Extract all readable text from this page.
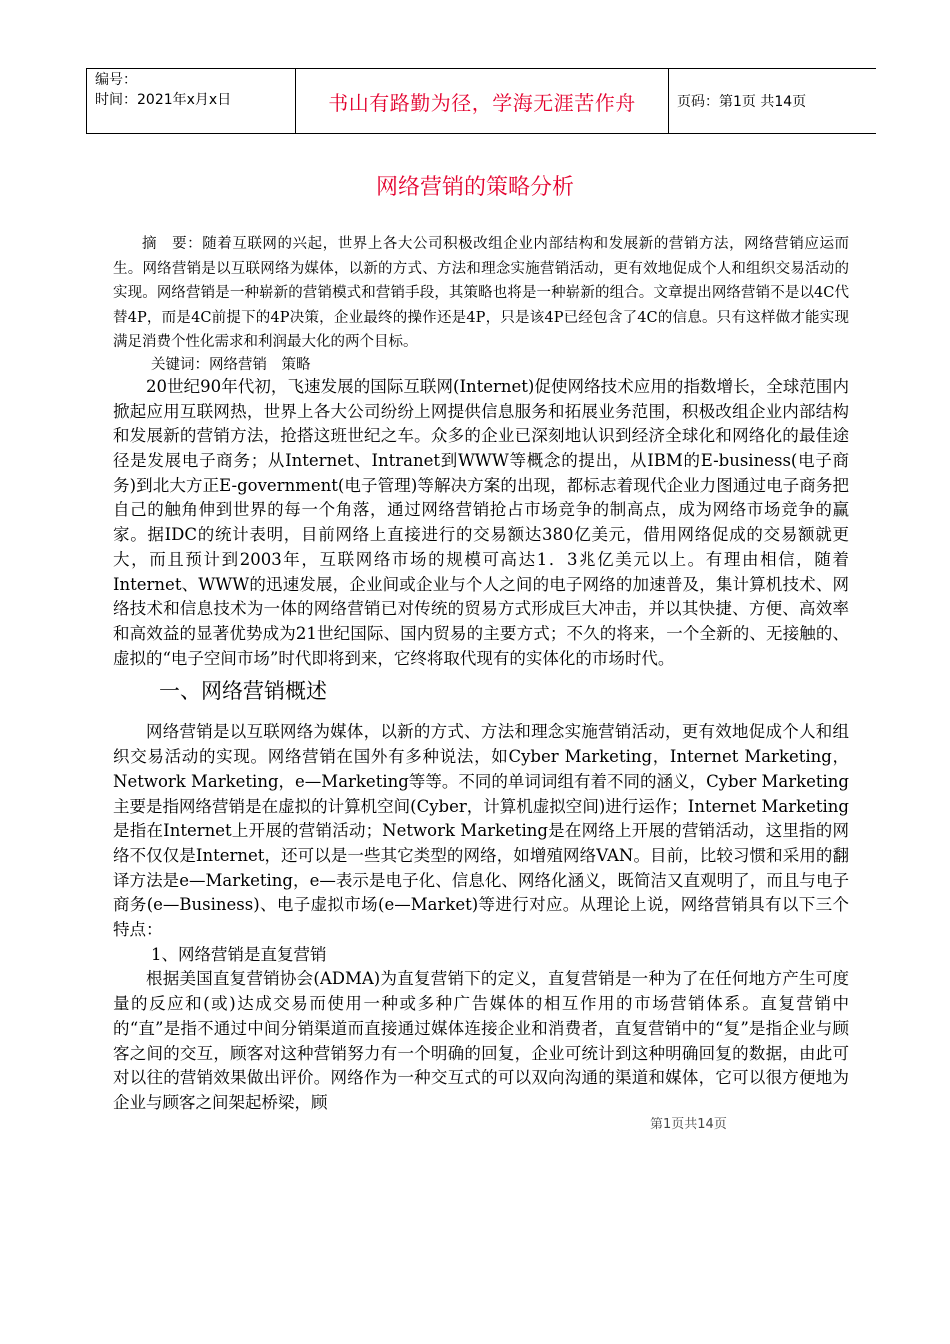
编号：
时间：2021年x月x日	书山有路勤为径，学海无涯苦作舟	页码：第1页 共14页
网络营销的策略分析

摘　要：随着互联网的兴起，世界上各大公司积极改组企业内部结构和发展新的营销方法，网络营销应运而生。网络营销是以互联网络为媒体，以新的方式、方法和理念实施营销活动，更有效地促成个人和组织交易活动的实现。网络营销是一种崭新的营销模式和营销手段，其策略也将是一种崭新的组合。文章提出网络营销不是以4C代替4P，而是4C前提下的4P决策，企业最终的操作还是4P，只是该4P已经包含了4C的信息。只有这样做才能实现满足消费个性化需求和利润最大化的两个目标。

关键词：网络营销　策略

20世纪90年代初，飞速发展的国际互联网(Internet)促使网络技术应用的指数增长，全球范围内掀起应用互联网热，世界上各大公司纷纷上网提供信息服务和拓展业务范围，积极改组企业内部结构和发展新的营销方法，抢搭这班世纪之车。众多的企业已深刻地认识到经济全球化和网络化的最佳途径是发展电子商务；从Internet、Intranet到WWW等概念的提出，从IBM的E-business(电子商务)到北大方正E-government(电子管理)等解决方案的出现，都标志着现代企业力图通过电子商务把自己的触角伸到世界的每一个角落，通过网络营销抢占市场竞争的制高点，成为网络市场竞争的赢家。据IDC的统计表明，目前网络上直接进行的交易额达380亿美元，借用网络促成的交易额就更大，而且预计到2003年，互联网络市场的规模可高达1．3兆亿美元以上。有理由相信，随着Internet、WWW的迅速发展，企业间或企业与个人之间的电子网络的加速普及，集计算机技术、网络技术和信息技术为一体的网络营销已对传统的贸易方式形成巨大冲击，并以其快捷、方便、高效率和高效益的显著优势成为21世纪国际、国内贸易的主要方式；不久的将来，一个全新的、无接触的、虚拟的“电子空间市场”时代即将到来，它终将取代现有的实体化的市场时代。

一、网络营销概述

网络营销是以互联网络为媒体，以新的方式、方法和理念实施营销活动，更有效地促成个人和组织交易活动的实现。网络营销在国外有多种说法，如Cyber Marketing，Internet Marketing，Network Marketing，e—Marketing等等。不同的单词词组有着不同的涵义，Cyber Marketing主要是指网络营销是在虚拟的计算机空间(Cyber，计算机虚拟空间)进行运作；Internet Marketing是指在Internet上开展的营销活动；Network Marketing是在网络上开展的营销活动，这里指的网络不仅仅是Internet，还可以是一些其它类型的网络，如增殖网络VAN。目前，比较习惯和采用的翻译方法是e—Marketing，e—表示是电子化、信息化、网络化涵义，既简洁又直观明了，而且与电子商务(e—Business)、电子虚拟市场(e—Market)等进行对应。从理论上说，网络营销具有以下三个特点：

1、网络营销是直复营销

根据美国直复营销协会(ADMA)为直复营销下的定义，直复营销是一种为了在任何地方产生可度量的反应和(或)达成交易而使用一种或多种广告媒体的相互作用的市场营销体系。直复营销中的“直”是指不通过中间分销渠道而直接通过媒体连接企业和消费者，直复营销中的“复”是指企业与顾客之间的交互，顾客对这种营销努力有一个明确的回复，企业可统计到这种明确回复的数据，由此可对以往的营销效果做出评价。网络作为一种交互式的可以双向沟通的渠道和媒体，它可以很方便地为企业与顾客之间架起桥梁，顾

第1页共14页
